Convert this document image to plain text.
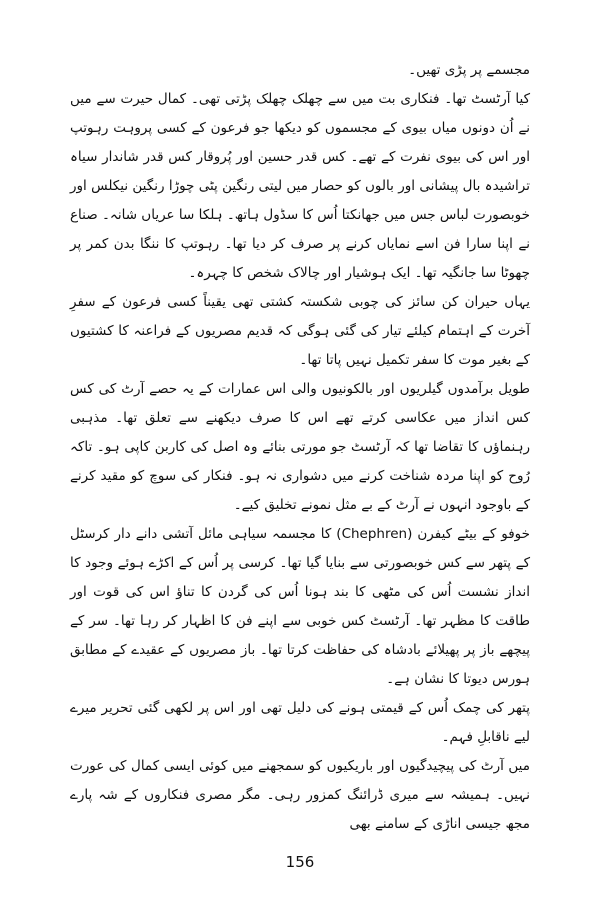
مجسمے پر پڑی تھیں۔

کیا آرٹسٹ تھا۔ فنکاری بت میں سے چھلک چھلک پڑتی تھی۔ کمال حیرت سے میں نے اُن دونوں میاں بیوی کے مجسموں کو دیکھا جو فرعون کے کسی پروہت رہوتپ اور اس کی بیوی نفرت کے تھے۔ کس قدر حسین اور پُروقار کس قدر شاندار سیاہ تراشیدہ بال پیشانی اور بالوں کو حصار میں لیتی رنگین پٹی چوڑا رنگین نیکلس اور خوبصورت لباس جس میں جھانکتا اُس کا سڈول ہاتھ۔ ہلکا سا عریاں شانہ۔ صناع نے اپنا سارا فن اسے نمایاں کرنے پر صرف کر دیا تھا۔ رہوتپ کا ننگا بدن کمر پر چھوٹا سا جانگیہ تھا۔ ایک ہوشیار اور چالاک شخص کا چہرہ۔

یہاں حیران کن سائز کی چوبی شکستہ کشتی تھی یقیناً کسی فرعون کے سفرِ آخرت کے اہتمام کیلئے تیار کی گئی ہوگی کہ قدیم مصریوں کے فراعنہ کا کشتیوں کے بغیر موت کا سفر تکمیل نہیں پاتا تھا۔

طویل برآمدوں گیلریوں اور بالکونیوں والی اس عمارات کے یہ حصے آرٹ کی کس کس انداز میں عکاسی کرتے تھے اس کا صرف دیکھنے سے تعلق تھا۔ مذہبی رہنماؤں کا تقاضا تھا کہ آرٹسٹ جو مورتی بنائے وہ اصل کی کاربن کاپی ہو۔ تاکہ رُوح کو اپنا مردہ شناخت کرنے میں دشواری نہ ہو۔ فنکار کی سوچ کو مقید کرنے کے باوجود انہوں نے آرٹ کے بے مثل نمونے تخلیق کیے۔

خوفو کے بیٹے کیفرن (Chephren) کا مجسمہ سیاہی مائل آتشی دانے دار کرسٹل کے پتھر سے کس خوبصورتی سے بنایا گیا تھا۔ کرسی پر اُس کے اکڑے ہوئے وجود کا انداز نشست اُس کی مٹھی کا بند ہونا اُس کی گردن کا تناؤ اس کی قوت اور طاقت کا مظہر تھا۔ آرٹسٹ کس خوبی سے اپنے فن کا اظہار کر رہا تھا۔ سر کے پیچھے باز پر پھیلائے بادشاہ کی حفاظت کرتا تھا۔ باز مصریوں کے عقیدے کے مطابق ہورس دیوتا کا نشان ہے۔

پتھر کی چمک اُس کے قیمتی ہونے کی دلیل تھی اور اس پر لکھی گئی تحریر میرے لیے ناقابلِ فہم۔

میں آرٹ کی پیچیدگیوں اور باریکیوں کو سمجھنے میں کوئی ایسی کمال کی عورت نہیں۔ ہمیشہ سے میری ڈرائنگ کمزور رہی۔ مگر مصری فنکاروں کے شہ پارے مجھ جیسی اناڑی کے سامنے بھی

156
